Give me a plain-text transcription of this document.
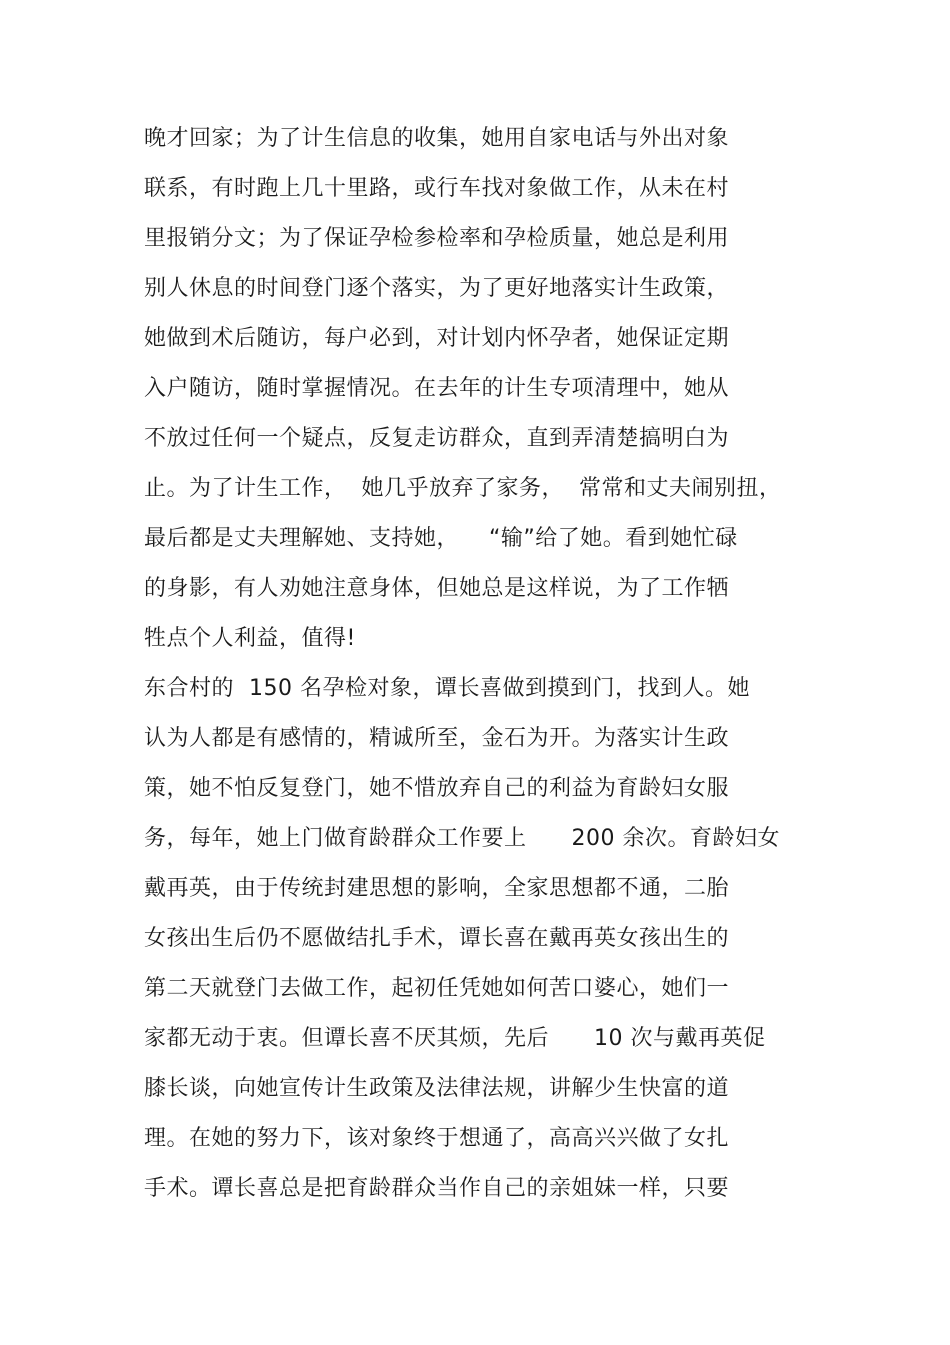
晚才回家；为了计生信息的收集，她用自家电话与外出对象
联系，有时跑上几十里路，或行车找对象做工作，从未在村
里报销分文；为了保证孕检参检率和孕检质量，她总是利用
别人休息的时间登门逐个落实，为了更好地落实计生政策，
她做到术后随访，每户必到，对计划内怀孕者，她保证定期
入户随访，随时掌握情况。在去年的计生专项清理中，她从
不放过任何一个疑点，反复走访群众，直到弄清楚搞明白为
止。为了计生工作，  她几乎放弃了家务，  常常和丈夫闹别扭，
最后都是丈夫理解她、支持她，    “输”给了她。看到她忙碌
的身影，有人劝她注意身体，但她总是这样说，为了工作牺
牲点个人利益，值得!
东合村的  150 名孕检对象，谭长喜做到摸到门，找到人。她
认为人都是有感情的，精诚所至，金石为开。为落实计生政
策，她不怕反复登门，她不惜放弃自己的利益为育龄妇女服
务，每年，她上门做育龄群众工作要上      200 余次。育龄妇女
戴再英，由于传统封建思想的影响，全家思想都不通，二胎
女孩出生后仍不愿做结扎手术，谭长喜在戴再英女孩出生的
第二天就登门去做工作，起初任凭她如何苦口婆心，她们一
家都无动于衷。但谭长喜不厌其烦，先后      10 次与戴再英促
膝长谈，向她宣传计生政策及法律法规，讲解少生快富的道
理。在她的努力下，该对象终于想通了，高高兴兴做了女扎
手术。谭长喜总是把育龄群众当作自己的亲姐妹一样，只要
